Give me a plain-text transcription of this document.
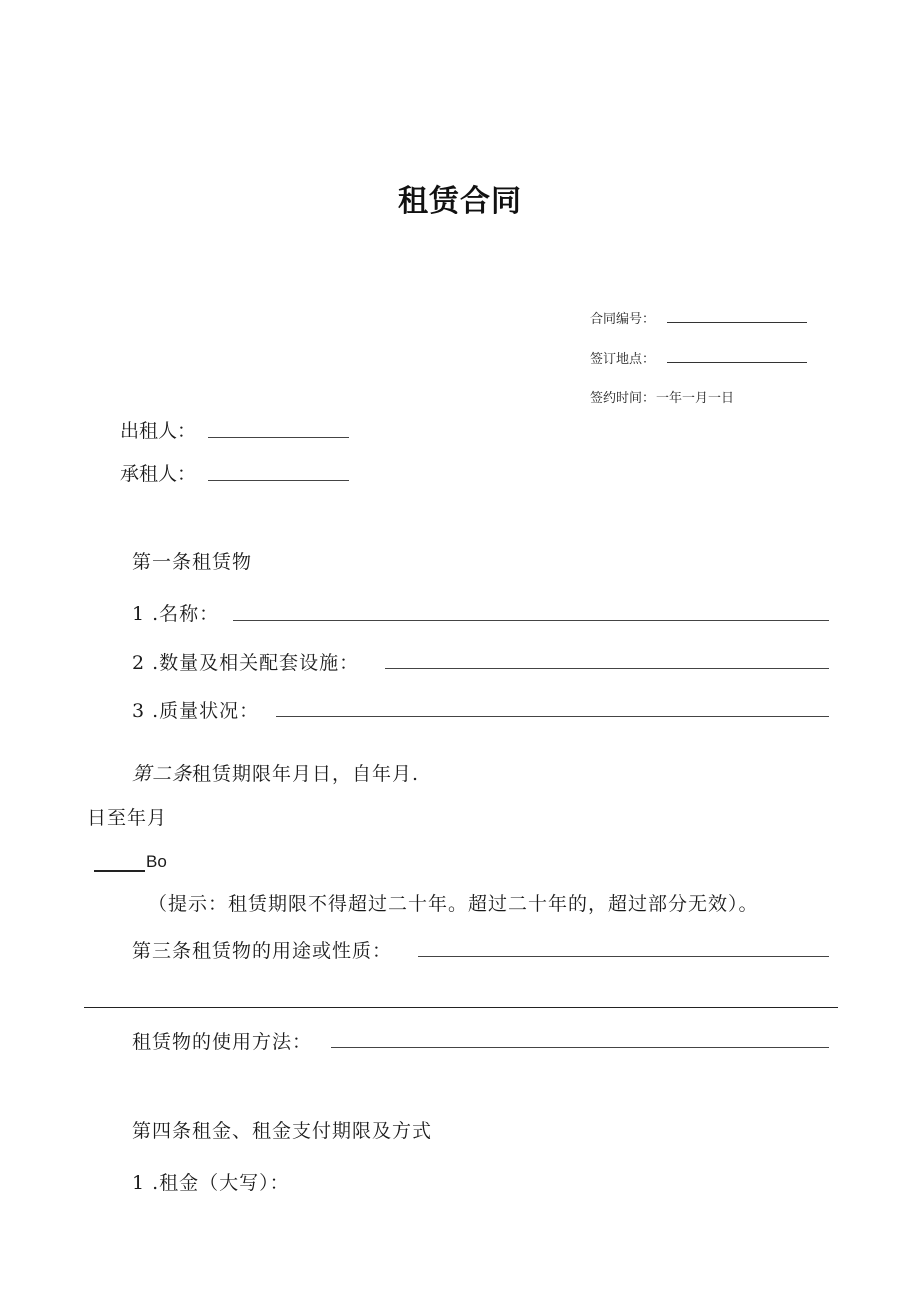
租赁合同
合同编号：
签订地点：
签约时间： 一年一月一日
出租人：
承租人：
第一条租赁物
1 .名称：
2 .数量及相关配套设施：
3 .质量状况：
第二条租赁期限年月日，自年月.
日至年月
Bo
（提示：租赁期限不得超过二十年。超过二十年的，超过部分无效）。
第三条租赁物的用途或性质：
租赁物的使用方法：
第四条租金、租金支付期限及方式
1 .租金（大写）：
